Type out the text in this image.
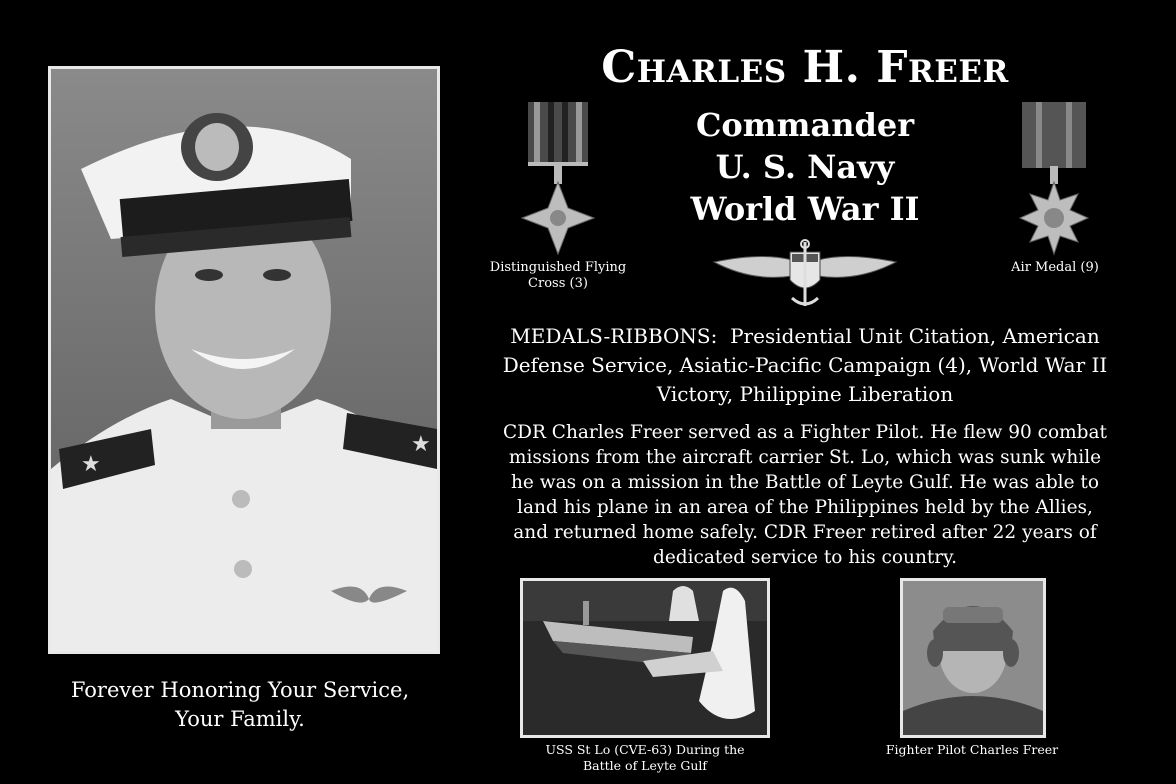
★
★
Charles H. Freer
Commander
U. S. Navy
World War II
Distinguished Flying
Cross (3)
Air Medal (9)
MEDALS-RIBBONS: Presidential Unit Citation, American Defense Service, Asiatic-Pacific Campaign (4), World War II Victory, Philippine Liberation
CDR Charles Freer served as a Fighter Pilot. He flew 90 combat missions from the aircraft carrier St. Lo, which was sunk while he was on a mission in the Battle of Leyte Gulf. He was able to land his plane in an area of the Philippines held by the Allies, and returned home safely. CDR Freer retired after 22 years of dedicated service to his country.
USS St Lo (CVE-63) During the
Battle of Leyte Gulf
Fighter Pilot Charles Freer
Forever Honoring Your Service,
Your Family.
